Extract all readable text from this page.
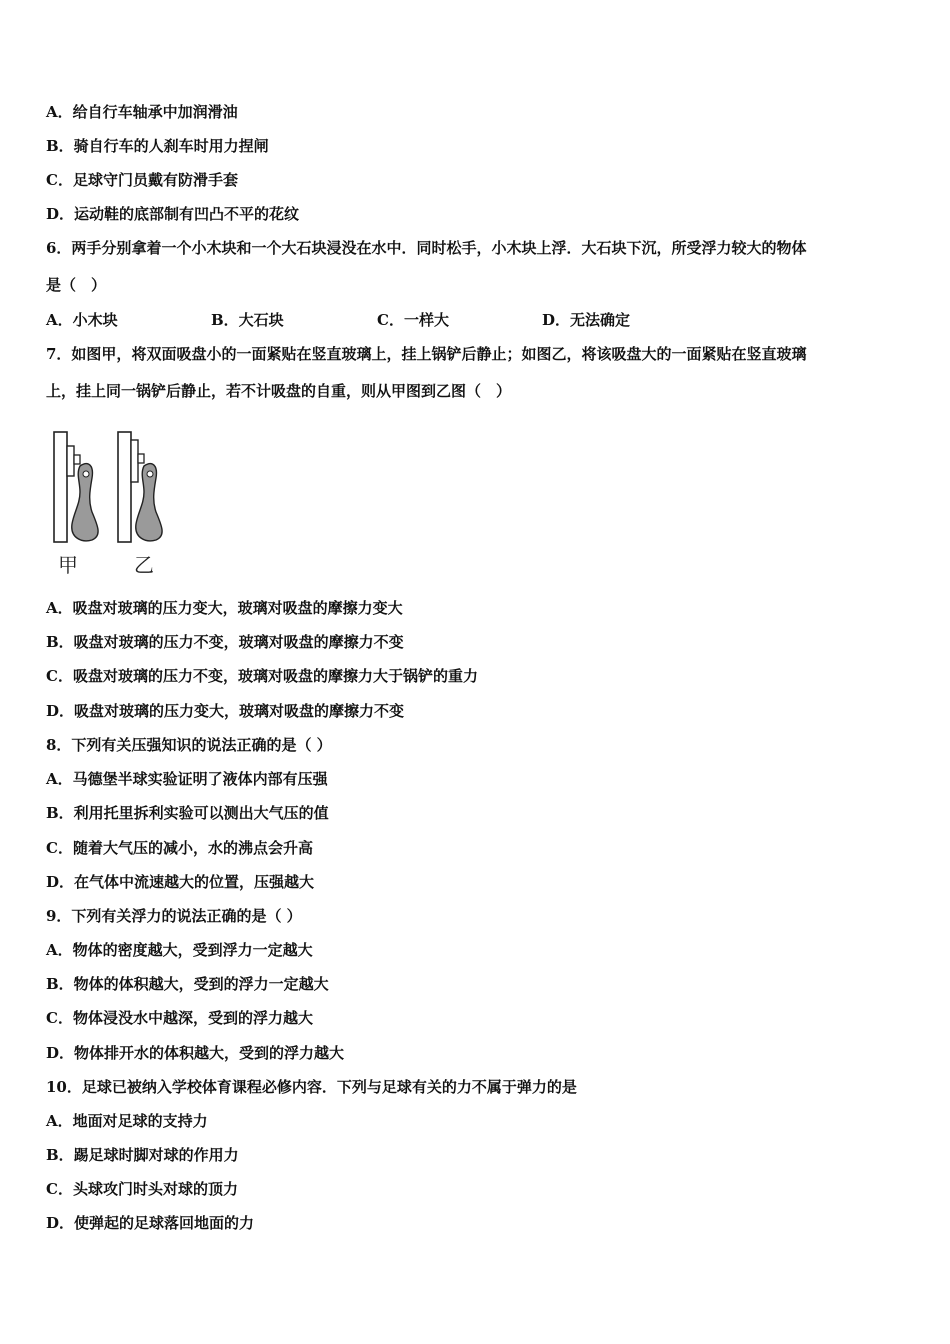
A．给自行车轴承中加润滑油
B．骑自行车的人刹车时用力捏闸
C．足球守门员戴有防滑手套
D．运动鞋的底部制有凹凸不平的花纹
6．两手分别拿着一个小木块和一个大石块浸没在水中．同时松手，小木块上浮．大石块下沉，所受浮力较大的物体
是（　）
A．小木块	B．大石块	C．一样大	D．无法确定
7．如图甲，将双面吸盘小的一面紧贴在竖直玻璃上，挂上锅铲后静止；如图乙，将该吸盘大的一面紧贴在竖直玻璃
上，挂上同一锅铲后静止，若不计吸盘的自重，则从甲图到乙图（　）
甲	乙
A．吸盘对玻璃的压力变大，玻璃对吸盘的摩擦力变大
B．吸盘对玻璃的压力不变，玻璃对吸盘的摩擦力不变
C．吸盘对玻璃的压力不变，玻璃对吸盘的摩擦力大于锅铲的重力
D．吸盘对玻璃的压力变大，玻璃对吸盘的摩擦力不变
8．下列有关压强知识的说法正确的是（ ）
A．马德堡半球实验证明了液体内部有压强
B．利用托里拆利实验可以测出大气压的值
C．随着大气压的减小，水的沸点会升高
D．在气体中流速越大的位置，压强越大
9．下列有关浮力的说法正确的是（ ）
A．物体的密度越大，受到浮力一定越大
B．物体的体积越大，受到的浮力一定越大
C．物体浸没水中越深，受到的浮力越大
D．物体排开水的体积越大，受到的浮力越大
10．足球已被纳入学校体育课程必修内容．下列与足球有关的力不属于弹力的是
A．地面对足球的支持力
B．踢足球时脚对球的作用力
C．头球攻门时头对球的顶力
D．使弹起的足球落回地面的力
